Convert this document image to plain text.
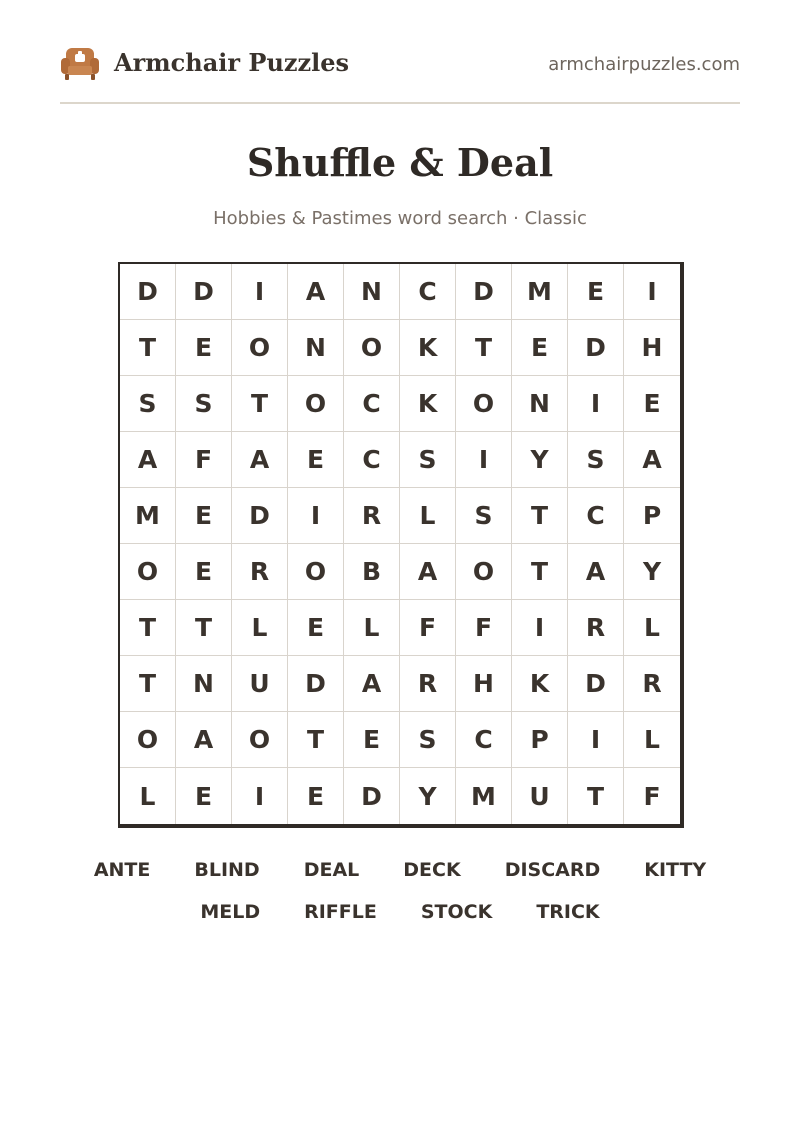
Armchair Puzzles	armchairpuzzles.com
Shuffle & Deal
Hobbies & Pastimes word search · Classic
D	D	I	A	N	C	D	M	E	I
T	E	O	N	O	K	T	E	D	H
S	S	T	O	C	K	O	N	I	E
A	F	A	E	C	S	I	Y	S	A
M	E	D	I	R	L	S	T	C	P
O	E	R	O	B	A	O	T	A	Y
T	T	L	E	L	F	F	I	R	L
T	N	U	D	A	R	H	K	D	R
O	A	O	T	E	S	C	P	I	L
L	E	I	E	D	Y	M	U	T	F
ANTE BLIND DEAL DECK DISCARD KITTY
MELD RIFFLE STOCK TRICK
